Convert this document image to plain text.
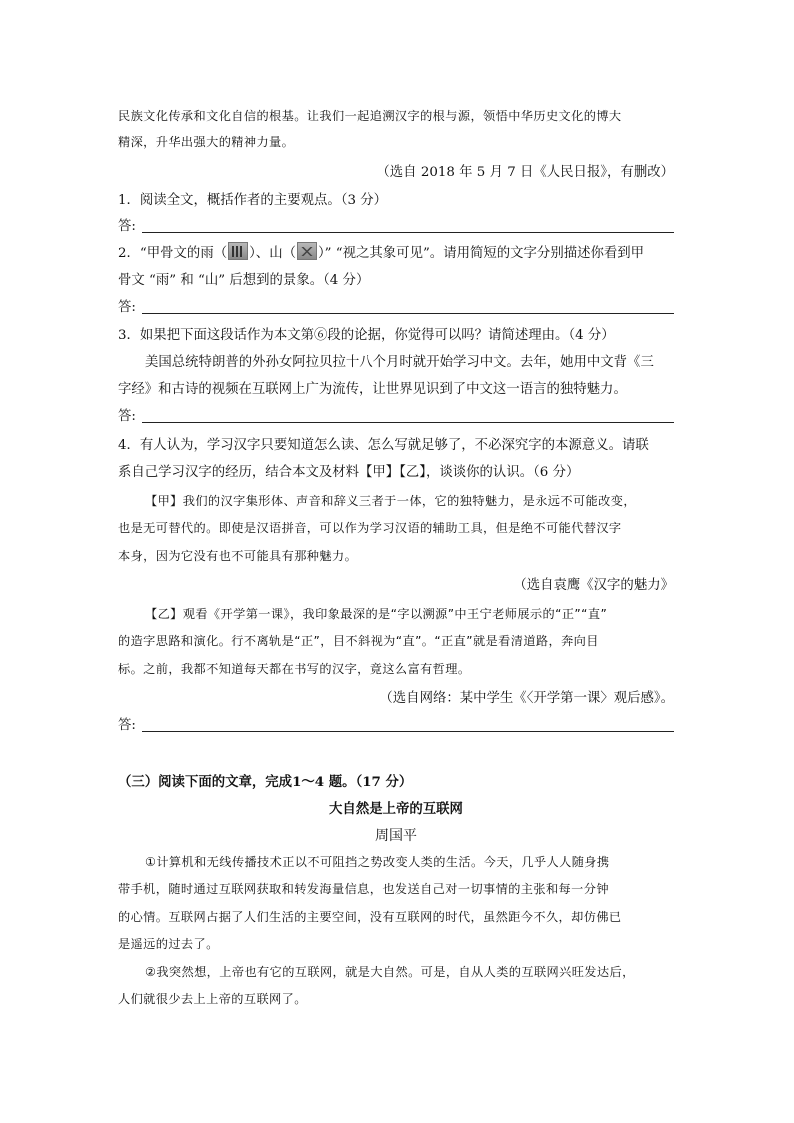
民族文化传承和文化自信的根基。让我们一起追溯汉字的根与源，领悟中华历史文化的博大
精深，升华出强大的精神力量。
（选自 2018 年 5 月 7 日《人民日报》，有删改）
1．阅读全文，概括作者的主要观点。（3 分）
答:
2．“甲骨文的雨（ ）、山（ ）” “视之其象可见”。请用简短的文字分别描述你看到甲
骨文 “雨” 和 “山” 后想到的景象。（4 分）
答:
3．如果把下面这段话作为本文第⑥段的论据，你觉得可以吗？请简述理由。（4 分）
美国总统特朗普的外孙女阿拉贝拉十八个月时就开始学习中文。去年，她用中文背《三
字经》和古诗的视频在互联网上广为流传，让世界见识到了中文这一语言的独特魅力。
答:
4．有人认为，学习汉字只要知道怎么读、怎么写就足够了，不必深究字的本源意义。请联
系自己学习汉字的经历，结合本文及材料【甲】【乙】，谈谈你的认识。（6 分）
【甲】我们的汉字集形体、声音和辞义三者于一体，它的独特魅力，是永远不可能改变，
也是无可替代的。即使是汉语拼音，可以作为学习汉语的辅助工具，但是绝不可能代替汉字
本身，因为它没有也不可能具有那种魅力。
（选自袁鹰《汉字的魅力》
【乙】观看《开学第一课》，我印象最深的是“字以溯源”中王宁老师展示的“正”“直”
的造字思路和演化。行不离轨是“正”，目不斜视为“直”。“正直”就是看清道路，奔向目
标。之前，我都不知道每天都在书写的汉字，竟这么富有哲理。
（选自网络：某中学生《〈开学第一课〉观后感》。
答:
（三）阅读下面的文章，完成1～4 题。（17 分）
大自然是上帝的互联网
周国平
①计算机和无线传播技术正以不可阻挡之势改变人类的生活。今天，几乎人人随身携
带手机，随时通过互联网获取和转发海量信息，也发送自己对一切事情的主张和每一分钟
的心情。互联网占据了人们生活的主要空间，没有互联网的时代，虽然距今不久，却仿佛已
是遥远的过去了。
②我突然想，上帝也有它的互联网，就是大自然。可是，自从人类的互联网兴旺发达后，
人们就很少去上上帝的互联网了。
